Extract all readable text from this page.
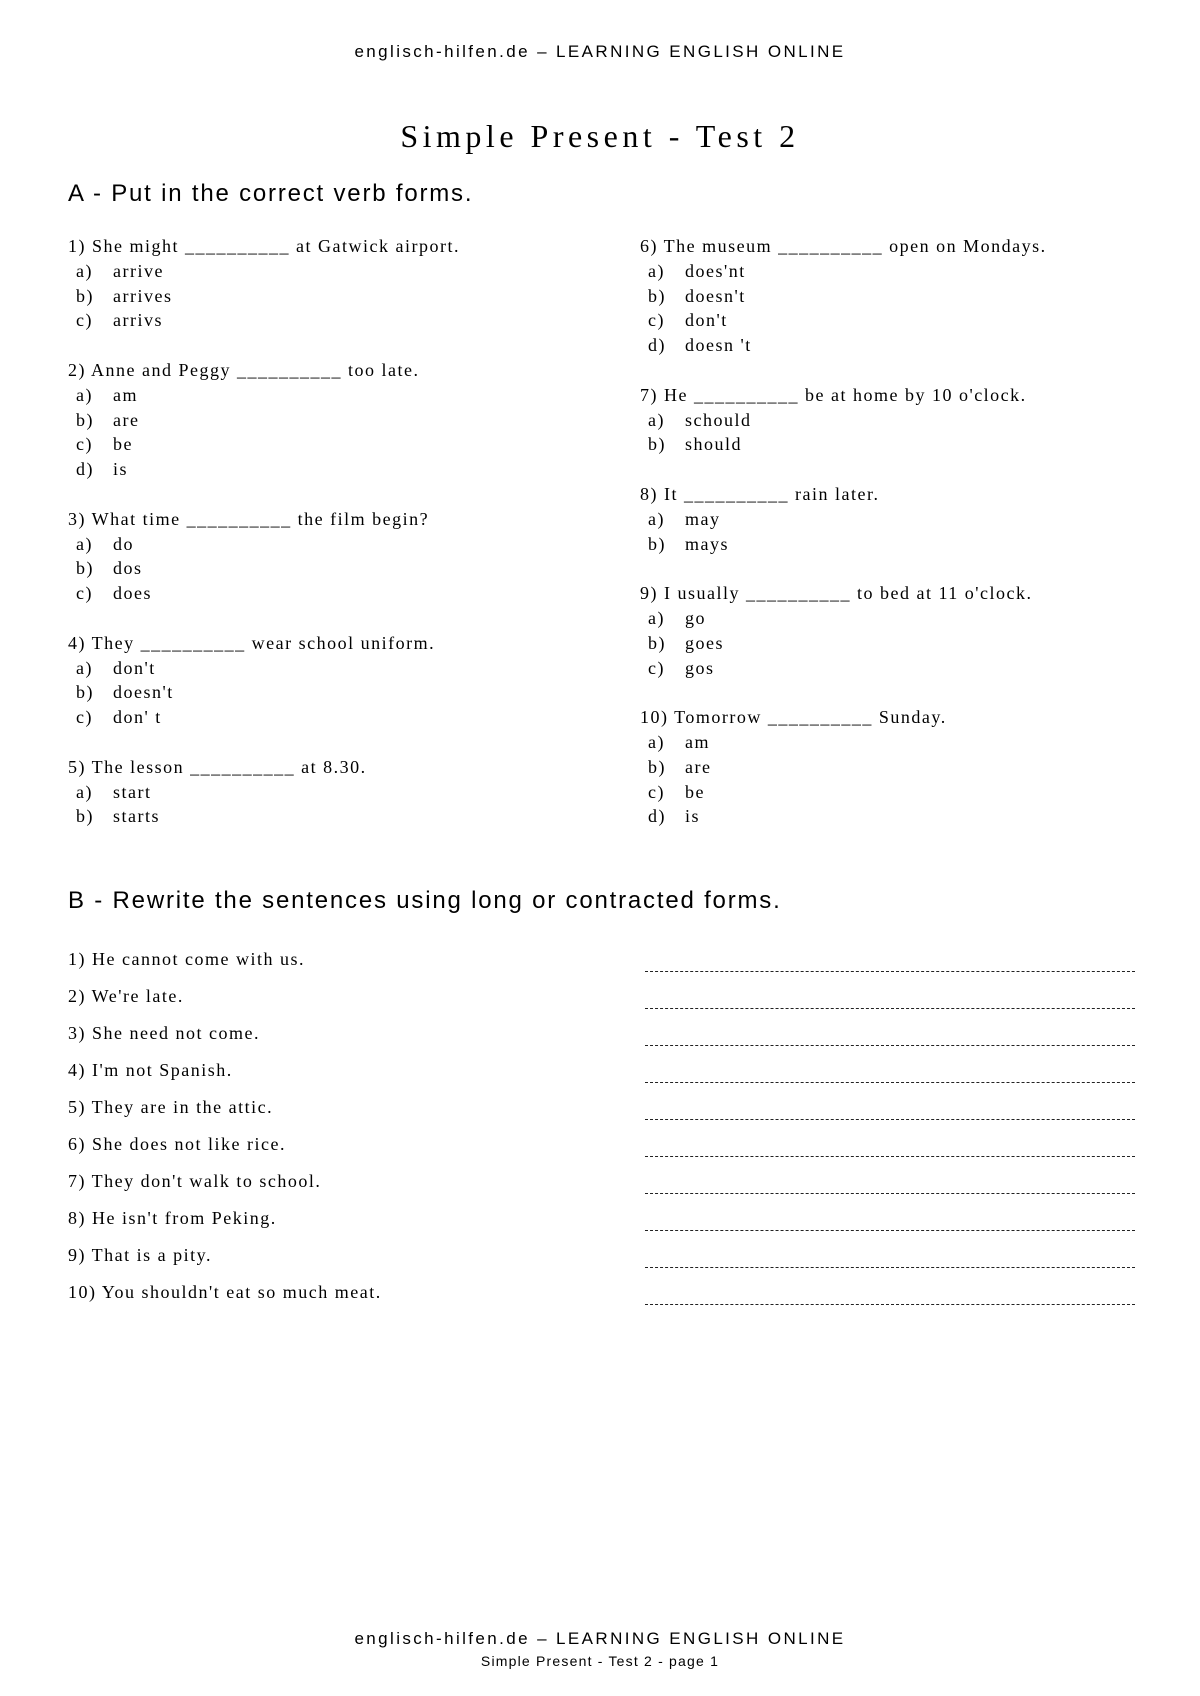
englisch-hilfen.de – LEARNING ENGLISH ONLINE
Simple Present - Test 2
A - Put in the correct verb forms.
1) She might __________ at Gatwick airport.
a) arrive
b) arrives
c) arrivs
2) Anne and Peggy __________ too late.
a) am
b) are
c) be
d) is
3) What time __________ the film begin?
a) do
b) dos
c) does
4) They __________ wear school uniform.
a) don't
b) doesn't
c) don' t
5) The lesson __________ at 8.30.
a) start
b) starts
6) The museum __________ open on Mondays.
a) does'nt
b) doesn't
c) don't
d) doesn 't
7) He __________ be at home by 10 o'clock.
a) schould
b) should
8) It __________ rain later.
a) may
b) mays
9) I usually __________ to bed at 11 o'clock.
a) go
b) goes
c) gos
10) Tomorrow __________ Sunday.
a) am
b) are
c) be
d) is
B - Rewrite the sentences using long or contracted forms.
1) He cannot come with us.
2) We're late.
3) She need not come.
4) I'm not Spanish.
5) They are in the attic.
6) She does not like rice.
7) They don't walk to school.
8) He isn't from Peking.
9) That is a pity.
10) You shouldn't eat so much meat.
englisch-hilfen.de – LEARNING ENGLISH ONLINE
Simple Present - Test 2 - page 1
